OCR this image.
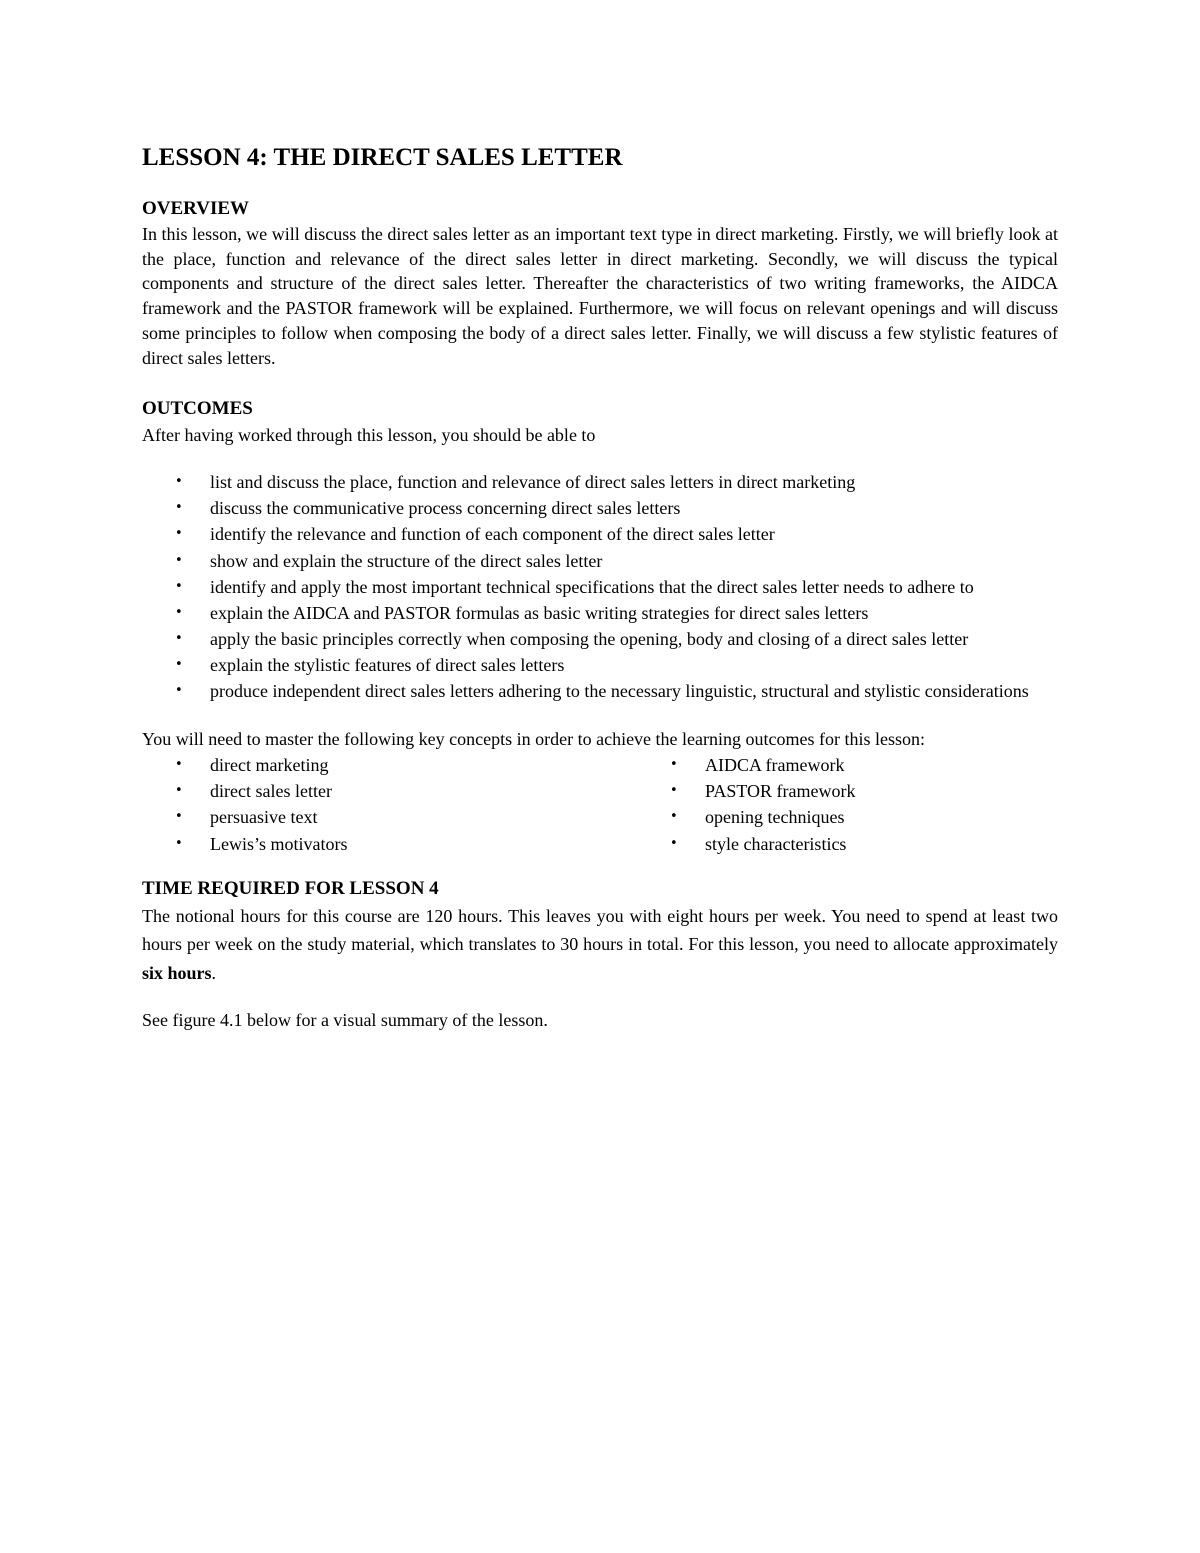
LESSON 4: THE DIRECT SALES LETTER

OVERVIEW

In this lesson, we will discuss the direct sales letter as an important text type in direct marketing. Firstly, we will briefly look at the place, function and relevance of the direct sales letter in direct marketing. Secondly, we will discuss the typical components and structure of the direct sales letter. Thereafter the characteristics of two writing frameworks, the AIDCA framework and the PASTOR framework will be explained. Furthermore, we will focus on relevant openings and will discuss some principles to follow when composing the body of a direct sales letter. Finally, we will discuss a few stylistic features of direct sales letters.

OUTCOMES

After having worked through this lesson, you should be able to

• list and discuss the place, function and relevance of direct sales letters in direct marketing
• discuss the communicative process concerning direct sales letters
• identify the relevance and function of each component of the direct sales letter
• show and explain the structure of the direct sales letter
• identify and apply the most important technical specifications that the direct sales letter needs to adhere to
• explain the AIDCA and PASTOR formulas as basic writing strategies for direct sales letters
• apply the basic principles correctly when composing the opening, body and closing of a direct sales letter
• explain the stylistic features of direct sales letters
• produce independent direct sales letters adhering to the necessary linguistic, structural and stylistic considerations

You will need to master the following key concepts in order to achieve the learning outcomes for this lesson:

• direct marketing
• direct sales letter
• persuasive text
• Lewis’s motivators
• AIDCA framework
• PASTOR framework
• opening techniques
• style characteristics

TIME REQUIRED FOR LESSON 4

The notional hours for this course are 120 hours. This leaves you with eight hours per week. You need to spend at least two hours per week on the study material, which translates to 30 hours in total. For this lesson, you need to allocate approximately six hours.

See figure 4.1 below for a visual summary of the lesson.
